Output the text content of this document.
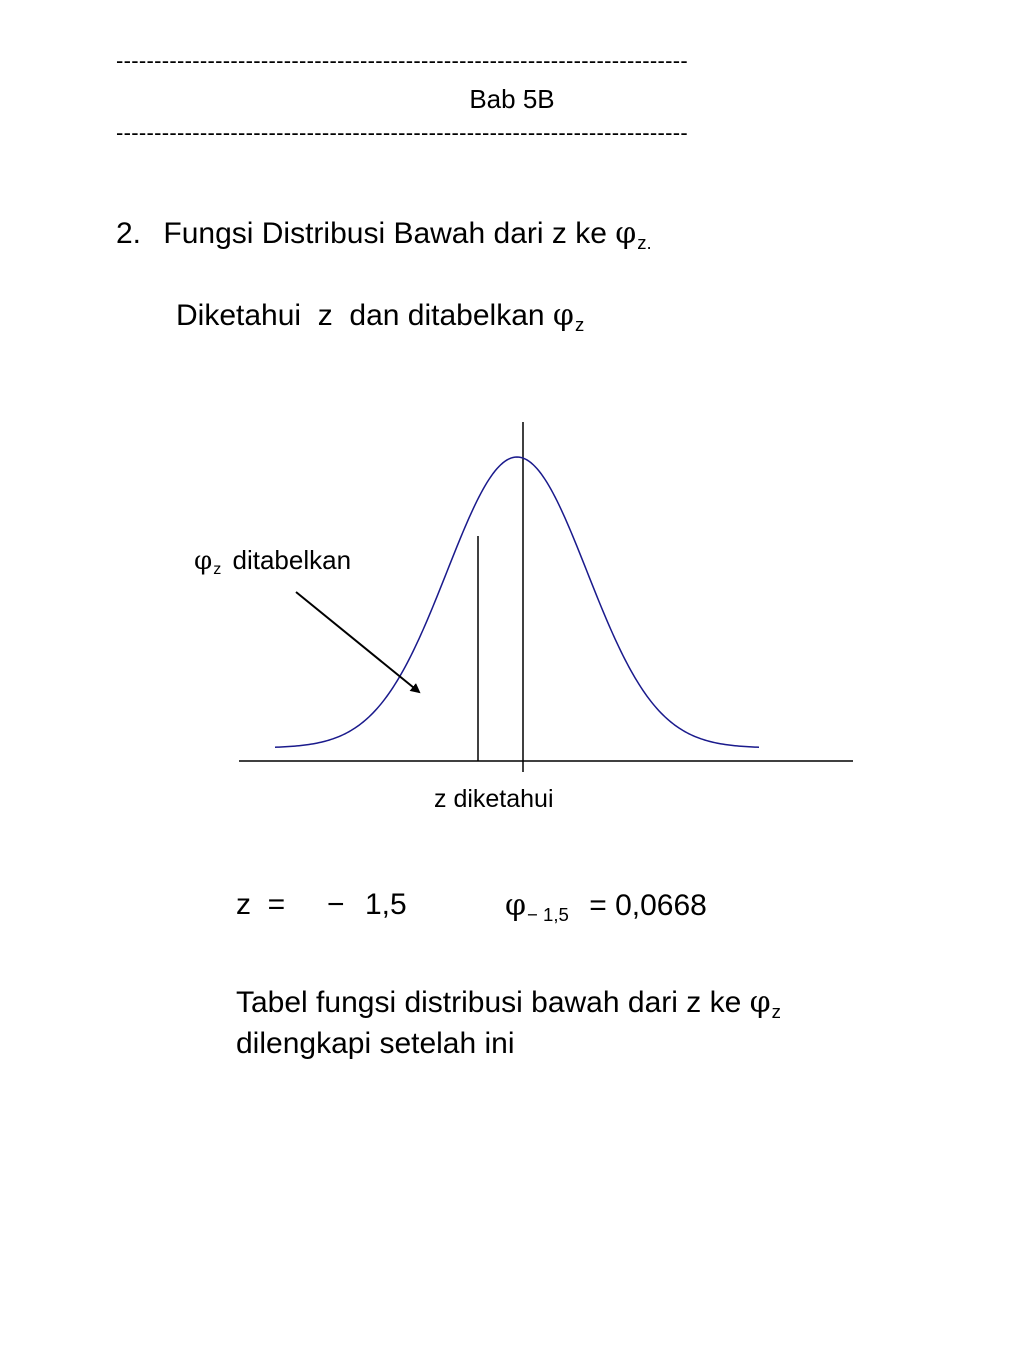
---------------------------------------------------------------------------
Bab 5B
---------------------------------------------------------------------------
2. Fungsi Distribusi Bawah dari z ke φz.
Diketahui  z  dan ditabelkan φz
φz ditabelkan
z diketahui
z  = − 1,5	φ− 1,5 = 0,0668
Tabel fungsi distribusi bawah dari z ke φz
dilengkapi setelah ini
